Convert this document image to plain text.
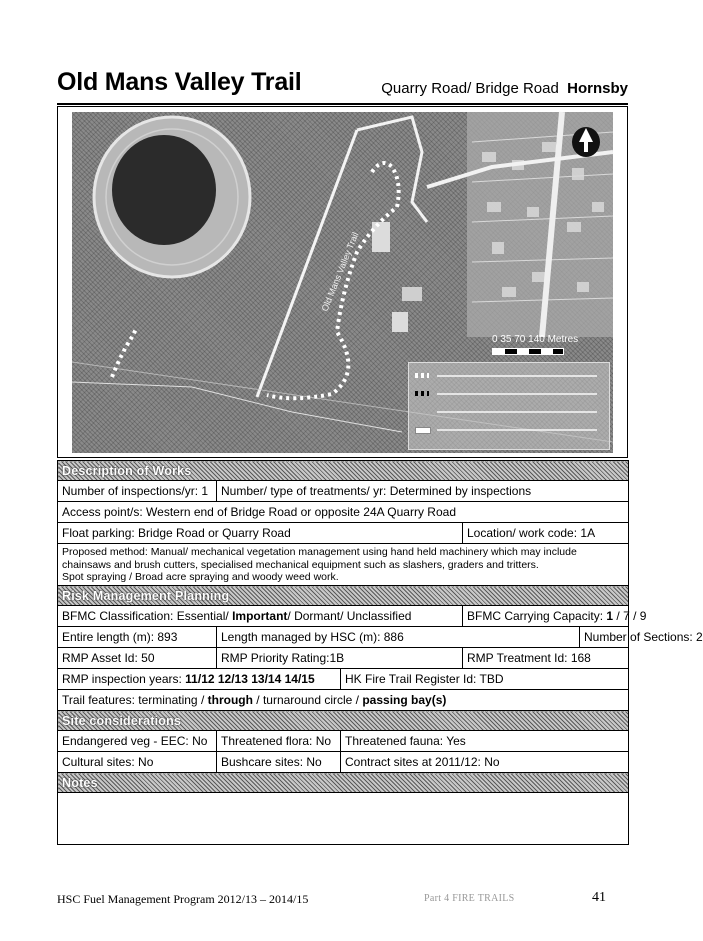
Old Mans Valley Trail	Quarry Road/ Bridge Road Hornsby
Old Mans Valley Trail
0 35 70 140 Metres
Description of Works				
Number of inspections/yr: 1	Number/ type of treatments/ yr: Determined by inspections			
Access point/s: Western end of Bridge Road or opposite 24A Quarry Road				
Float parking: Bridge Road or Quarry Road			Location/ work code: 1A	
Proposed method: Manual/ mechanical vegetation management using hand held machinery which may include chainsaws and brush cutters, specialised mechanical equipment such as slashers, graders and tritters.
Spot spraying / Broad acre spraying and woody weed work.				
Risk Management Planning				
BFMC Classification: Essential/ Important/ Dormant/ Unclassified			BFMC Carrying Capacity: 1 / 7 / 9	
Entire length (m): 893	Length managed by HSC (m): 886			Number of Sections: 2
RMP Asset Id: 50	RMP Priority Rating:1B		RMP Treatment Id: 168	
RMP inspection years: 11/12 12/13 13/14 14/15		HK Fire Trail Register Id: TBD		
Trail features: terminating / through / turnaround circle / passing bay(s)				
Site considerations				
Endangered veg - EEC: No	Threatened flora: No	Threatened fauna: Yes		
Cultural sites: No	Bushcare sites: No	Contract sites at 2011/12: No		
Notes				

HSC Fuel Management Program 2012/13 – 2014/15	Part 4 FIRE TRAILS	41
